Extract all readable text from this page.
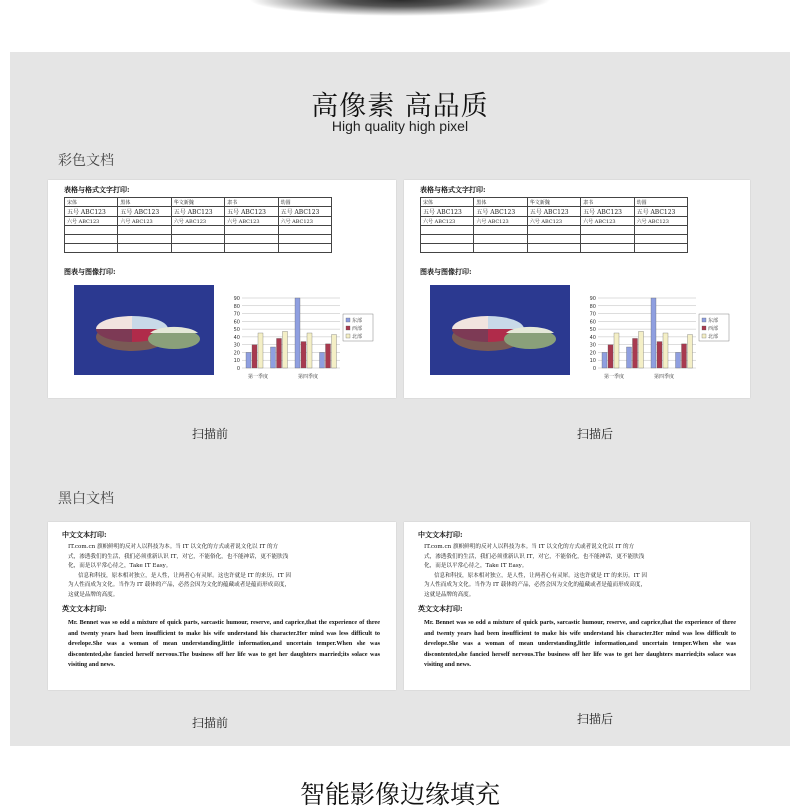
高像素 高品质
High quality high pixel
彩色文档
表格与格式文字打印:
宋体	黑体	华文新魏	隶书	幼圆
五号 ABC123	五号 ABC123	五号 ABC123	五号 ABC123	五号 ABC123
六号 ABC123	六号 ABC123	六号 ABC123	六号 ABC123	六号 ABC123

图表与图像打印:
90
80
70
60
50
40
30
20
10
0
第一季度	第四季度
东部
西部
北部
表格与格式文字打印:
宋体	黑体	华文新魏	隶书	幼圆
五号 ABC123	五号 ABC123	五号 ABC123	五号 ABC123	五号 ABC123
六号 ABC123	六号 ABC123	六号 ABC123	六号 ABC123	六号 ABC123

图表与图像打印:
90
80
70
60
50
40
30
20
10
0
第一季度	第四季度
东部
西部
北部
扫描前	扫描后
黑白文档
中文文本打印:

IT.com.cn 旗帜鲜明的反对人以科技为本。当 IT 以文化的方式或者说文化以 IT 的方

式，渗透我们的生活，我们必须重新认识 IT，对它，不能俗化，也不能神话，更不能肤浅

化，而是以平常心待之，Take IT Easy。

信息和科技，原本相对独立，是人性，让两者心有灵犀。这也许就是 IT 的来历。IT 因

为人性而成为文化。当作为 IT 载体的产品，必然会因为文化的蕴藏或者是蕴而形成高度，

这就是品牌的高度。

英文文本打印:

Mr. Bennet was so odd a mixture of quick parts, sarcastic humour, reserve, and caprice,that the experience of three and twenty years had been insufficient to make his wife understand his character.Her mind was less difficult to develope.She was a woman of mean understanding,little information,and uncertain temper.When she was discontented,she fancied herself nervous.The business off her life was to get her daughters married;its solace was visiting and news.

中文文本打印:

IT.com.cn 旗帜鲜明的反对人以科技为本。当 IT 以文化的方式或者说文化以 IT 的方

式，渗透我们的生活，我们必须重新认识 IT，对它，不能俗化，也不能神话，更不能肤浅

化，而是以平常心待之，Take IT Easy。

信息和科技，原本相对独立，是人性，让两者心有灵犀。这也许就是 IT 的来历。IT 因

为人性而成为文化。当作为 IT 载体的产品，必然会因为文化的蕴藏或者是蕴而形成高度，

这就是品牌的高度。

英文文本打印:

Mr. Bennet was so odd a mixture of quick parts, sarcastic humour, reserve, and caprice,that the experience of three and twenty years had been insufficient to make his wife understand his character.Her mind was less difficult to develope.She was a woman of mean understanding,little information,and uncertain temper.When she was discontented,she fancied herself nervous.The business off her life was to get her daughters married;its solace was visiting and news.

扫描前	扫描后
智能影像边缘填充
